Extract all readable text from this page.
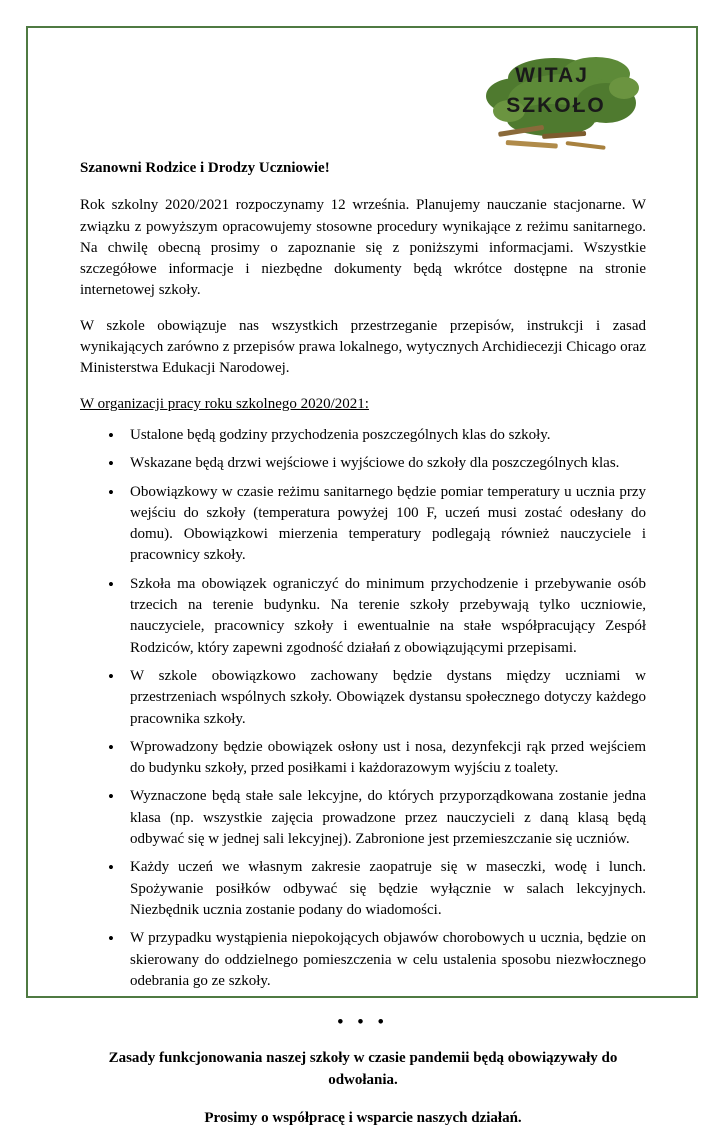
WITAJ
SZKOŁO
Szanowni Rodzice i Drodzy Uczniowie!

Rok szkolny 2020/2021 rozpoczynamy 12 września. Planujemy nauczanie stacjonarne. W związku z powyższym opracowujemy stosowne procedury wynikające z reżimu sanitarnego. Na chwilę obecną prosimy o zapoznanie się z poniższymi informacjami. Wszystkie szczegółowe informacje i niezbędne dokumenty będą wkrótce dostępne na stronie internetowej szkoły.

W szkole obowiązuje nas wszystkich przestrzeganie przepisów, instrukcji i zasad wynikających zarówno z przepisów prawa lokalnego, wytycznych Archidiecezji Chicago oraz Ministerstwa Edukacji Narodowej.

W organizacji pracy roku szkolnego 2020/2021:

• Ustalone będą godziny przychodzenia poszczególnych klas do szkoły.
• Wskazane będą drzwi wejściowe i wyjściowe do szkoły dla poszczególnych klas.
• Obowiązkowy w czasie reżimu sanitarnego będzie pomiar temperatury u ucznia przy wejściu do szkoły (temperatura powyżej 100 F, uczeń musi zostać odesłany do domu). Obowiązkowi mierzenia temperatury podlegają również nauczyciele i pracownicy szkoły.
• Szkoła ma obowiązek ograniczyć do minimum przychodzenie i przebywanie osób trzecich na terenie budynku. Na terenie szkoły przebywają tylko uczniowie, nauczyciele, pracownicy szkoły i ewentualnie na stałe współpracujący Zespół Rodziców, który zapewni zgodność działań z obowiązującymi przepisami.
• W szkole obowiązkowo zachowany będzie dystans między uczniami w przestrzeniach wspólnych szkoły. Obowiązek dystansu społecznego dotyczy każdego pracownika szkoły.
• Wprowadzony będzie obowiązek osłony ust i nosa, dezynfekcji rąk przed wejściem do budynku szkoły, przed posiłkami i każdorazowym wyjściu z toalety.
• Wyznaczone będą stałe sale lekcyjne, do których przyporządkowana zostanie jedna klasa (np. wszystkie zajęcia prowadzone przez nauczycieli z daną klasą będą odbywać się w jednej sali lekcyjnej). Zabronione jest przemieszczanie się uczniów.
• Każdy uczeń we własnym zakresie zaopatruje się w maseczki, wodę i lunch. Spożywanie posiłków odbywać się będzie wyłącznie w salach lekcyjnych. Niezbędnik ucznia zostanie podany do wiadomości.
• W przypadku wystąpienia niepokojących objawów chorobowych u ucznia, będzie on skierowany do oddzielnego pomieszczenia w celu ustalenia sposobu niezwłocznego odebrania go ze szkoły.
• • •
Zasady funkcjonowania naszej szkoły w czasie pandemii będą obowiązywały do odwołania.
Prosimy o współpracę i wsparcie naszych działań.
